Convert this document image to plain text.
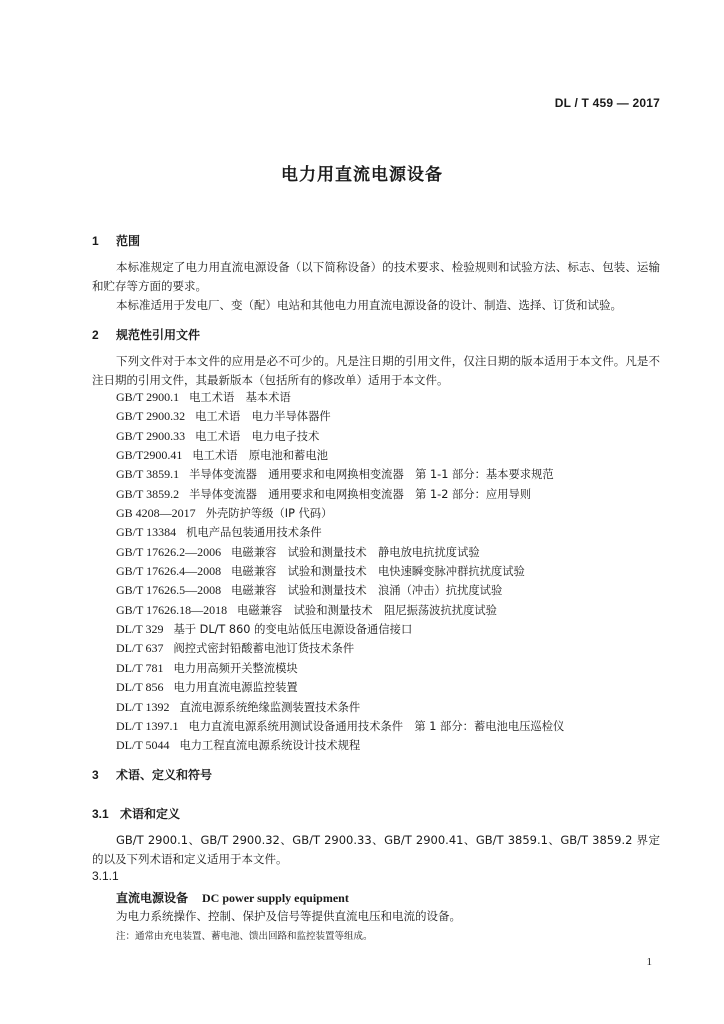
DL / T 459 — 2017
电力用直流电源设备
1 范围
本标准规定了电力用直流电源设备（以下简称设备）的技术要求、检验规则和试验方法、标志、包装、运输和贮存等方面的要求。
本标准适用于发电厂、变（配）电站和其他电力用直流电源设备的设计、制造、选择、订货和试验。
2 规范性引用文件
下列文件对于本文件的应用是必不可少的。凡是注日期的引用文件，仅注日期的版本适用于本文件。凡是不注日期的引用文件，其最新版本（包括所有的修改单）适用于本文件。
GB/T 2900.1 电工术语　基本术语
GB/T 2900.32 电工术语　电力半导体器件
GB/T 2900.33 电工术语　电力电子技术
GB/T2900.41 电工术语　原电池和蓄电池
GB/T 3859.1 半导体变流器　通用要求和电网换相变流器　第 1-1 部分：基本要求规范
GB/T 3859.2 半导体变流器　通用要求和电网换相变流器　第 1-2 部分：应用导则
GB 4208—2017 外壳防护等级（IP 代码）
GB/T 13384 机电产品包装通用技术条件
GB/T 17626.2—2006 电磁兼容　试验和测量技术　静电放电抗扰度试验
GB/T 17626.4—2008 电磁兼容　试验和测量技术　电快速瞬变脉冲群抗扰度试验
GB/T 17626.5—2008 电磁兼容　试验和测量技术　浪涌（冲击）抗扰度试验
GB/T 17626.18—2018 电磁兼容　试验和测量技术　阻尼振荡波抗扰度试验
DL/T 329 基于 DL/T 860 的变电站低压电源设备通信接口
DL/T 637 阀控式密封铅酸蓄电池订货技术条件
DL/T 781 电力用高频开关整流模块
DL/T 856 电力用直流电源监控装置
DL/T 1392 直流电源系统绝缘监测装置技术条件
DL/T 1397.1 电力直流电源系统用测试设备通用技术条件　第 1 部分：蓄电池电压巡检仪
DL/T 5044 电力工程直流电源系统设计技术规程
3 术语、定义和符号
3.1 术语和定义
GB/T 2900.1、GB/T 2900.32、GB/T 2900.33、GB/T 2900.41、GB/T 3859.1、GB/T 3859.2 界定的以及下列术语和定义适用于本文件。
3.1.1
直流电源设备 DC power supply equipment
为电力系统操作、控制、保护及信号等提供直流电压和电流的设备。
注：通常由充电装置、蓄电池、馈出回路和监控装置等组成。
1
